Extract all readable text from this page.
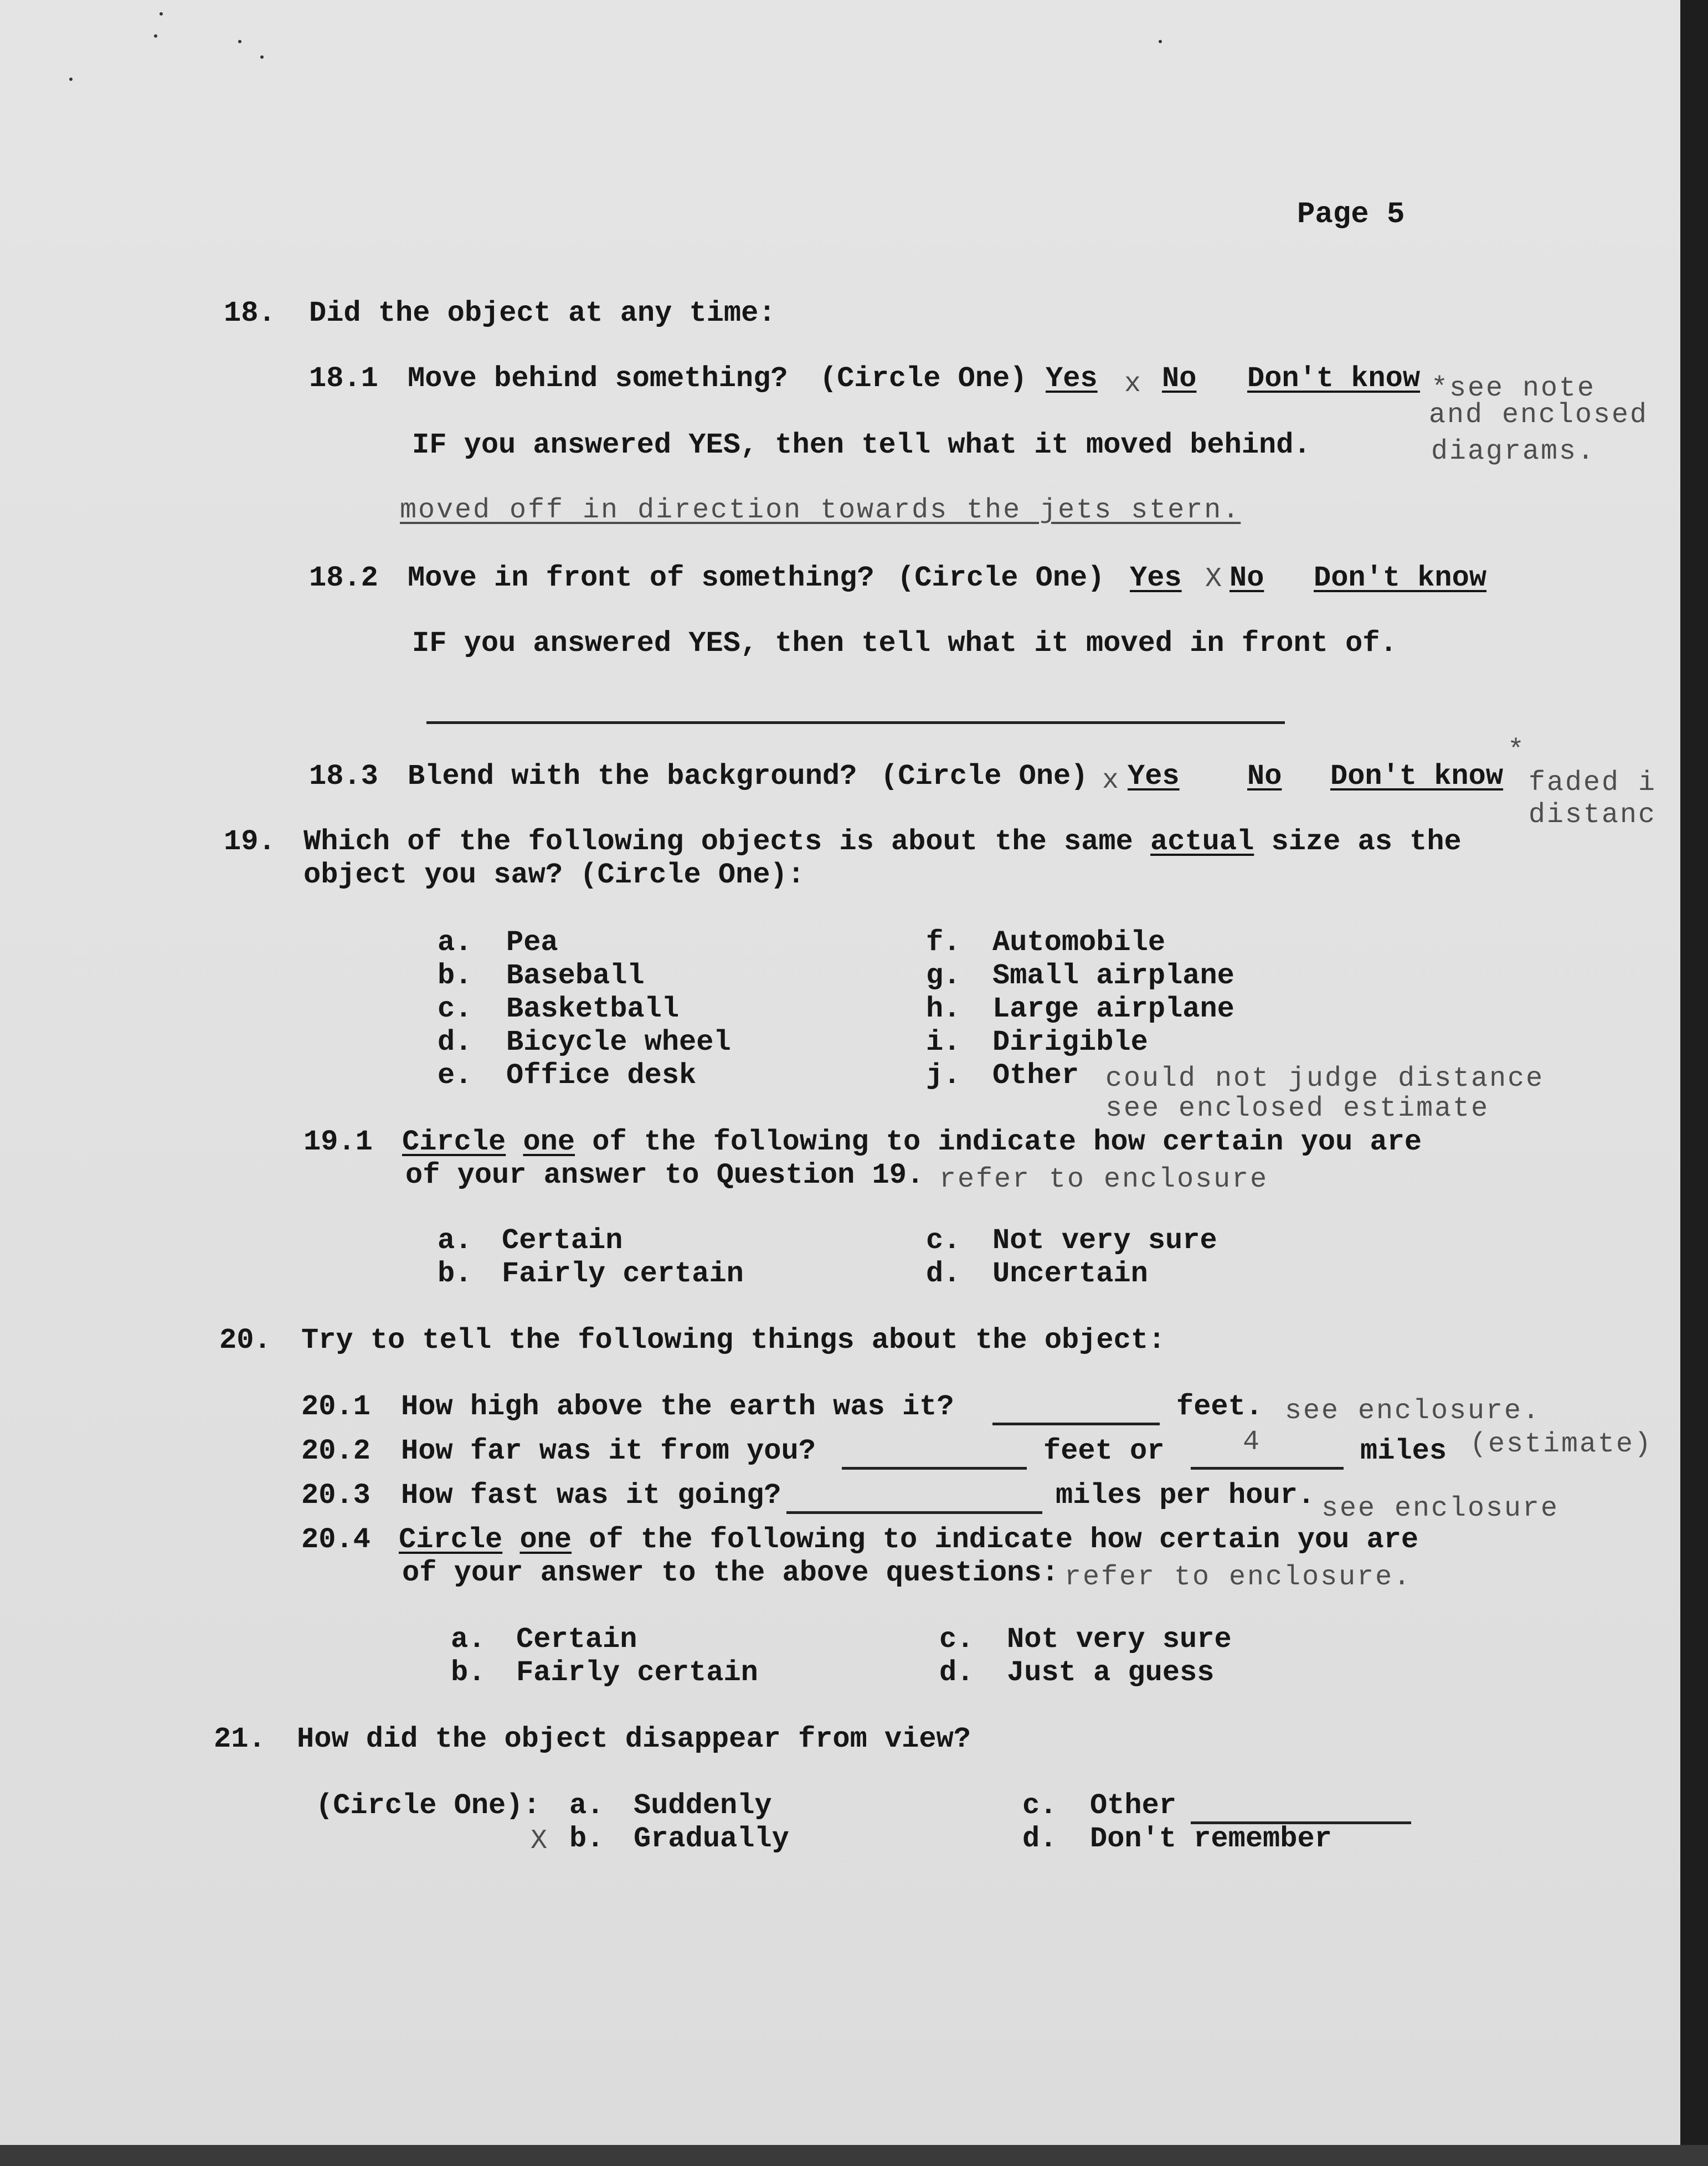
Page 5
18. Did the object at any time:
18.1 Move behind something? (Circle One) Yes x No Don't know *see note
and enclosed
diagrams.
IF you answered YES, then tell what it moved behind.
moved off in direction towards the jets stern.
18.2 Move in front of something? (Circle One) Yes X No Don't know
IF you answered YES, then tell what it moved in front of.
18.3 Blend with the background? (Circle One) x Yes No Don't know
*
faded i
distanc
19. Which of the following objects is about the same actual size as the
object you saw? (Circle One):
a. Pea
b. Baseball
c. Basketball
d. Bicycle wheel
e. Office desk
f. Automobile
g. Small airplane
h. Large airplane
i. Dirigible
j. Other could not judge distance
see enclosed estimate
19.1 Circle one of the following to indicate how certain you are
of your answer to Question 19. refer to enclosure
a. Certain
b. Fairly certain
c. Not very sure
d. Uncertain
20. Try to tell the following things about the object:
20.1 How high above the earth was it?	feet. see enclosure.
20.2 How far was it from you?	feet or	4	miles (estimate)
20.3 How fast was it going?	miles per hour. see enclosure
20.4 Circle one of the following to indicate how certain you are
of your answer to the above questions: refer to enclosure.
a. Certain
b. Fairly certain
c. Not very sure
d. Just a guess
21. How did the object disappear from view?
(Circle One): a. Suddenly
X b. Gradually
c. Other
d. Don't remember
